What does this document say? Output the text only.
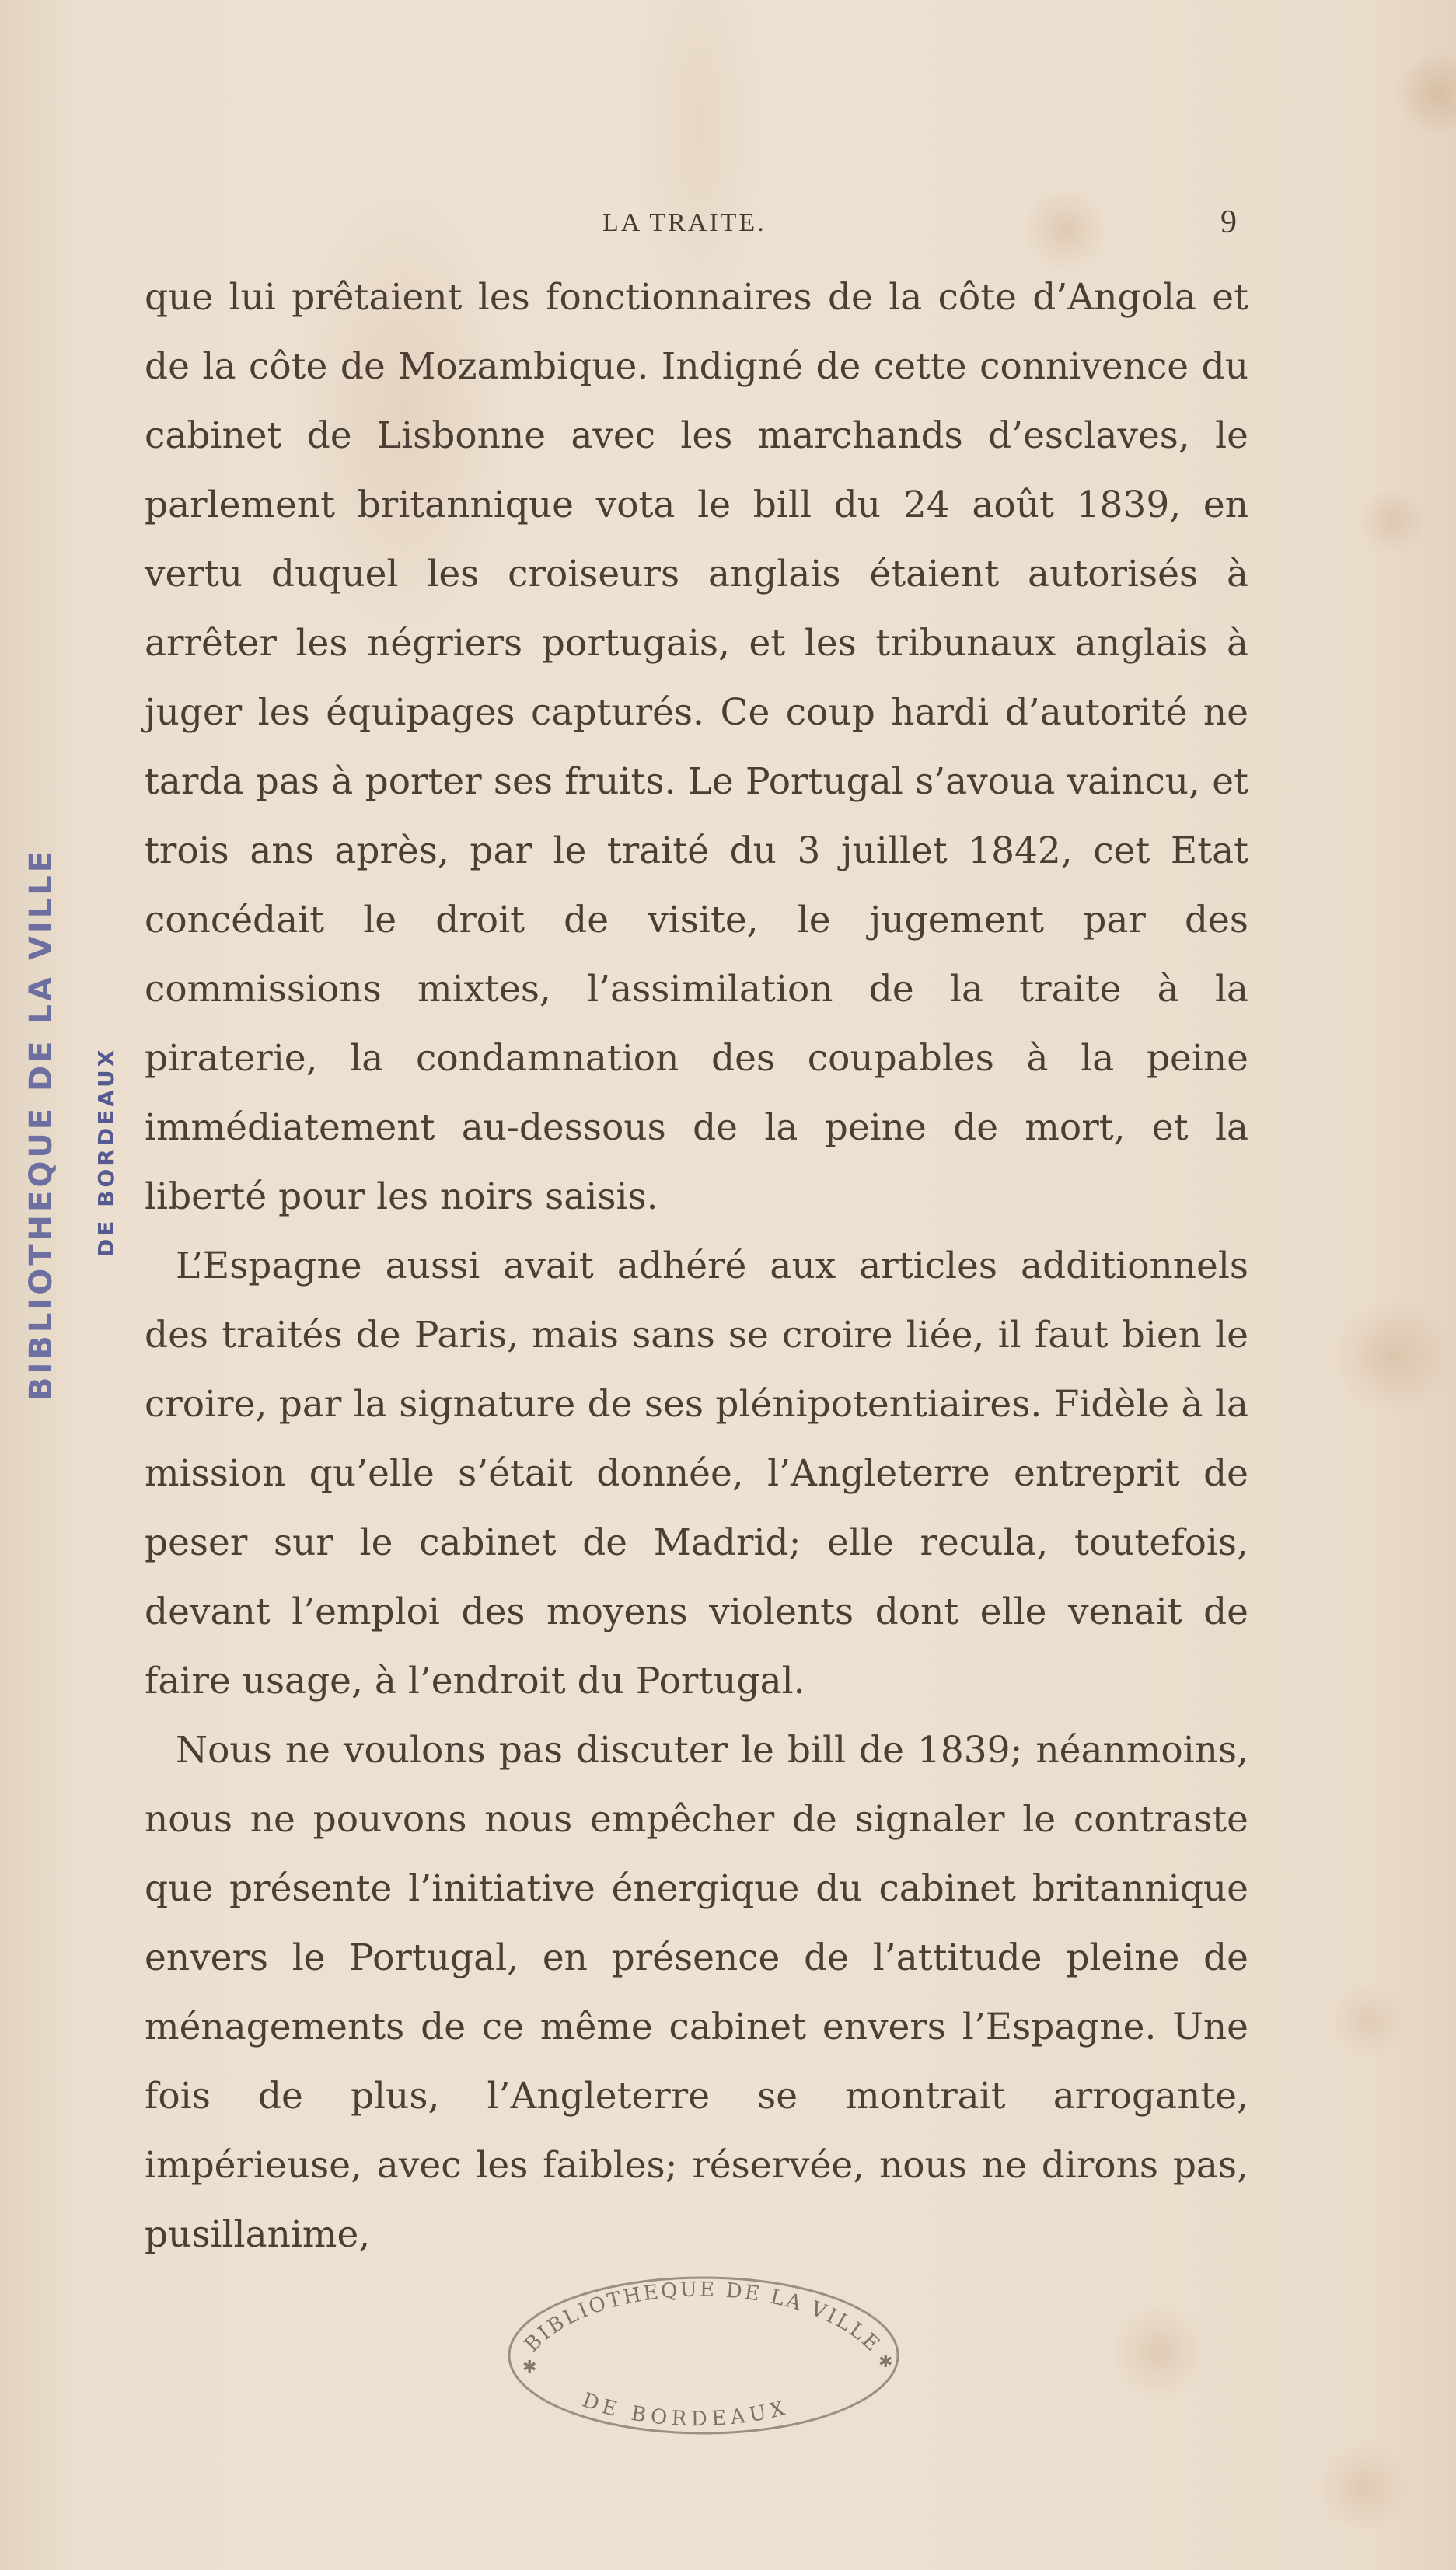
LA TRAITE.	9

que lui prêtaient les fonctionnaires de la côte d’Angola et de la côte de Mozambique. Indigné de cette connivence du cabinet de Lisbonne avec les marchands d’esclaves, le parlement britannique vota le bill du 24 août 1839, en vertu duquel les croiseurs anglais étaient autorisés à arrêter les négriers portugais, et les tribunaux anglais à juger les équipages capturés. Ce coup hardi d’autorité ne tarda pas à porter ses fruits. Le Portugal s’avoua vaincu, et trois ans après, par le traité du 3 juillet 1842, cet Etat concédait le droit de visite, le jugement par des commissions mixtes, l’assimilation de la traite à la piraterie, la condamnation des coupables à la peine immédiatement au-dessous de la peine de mort, et la liberté pour les noirs saisis.

L’Espagne aussi avait adhéré aux articles additionnels des traités de Paris, mais sans se croire liée, il faut bien le croire, par la signature de ses plénipotentiaires. Fidèle à la mission qu’elle s’était donnée, l’Angleterre entreprit de peser sur le cabinet de Madrid; elle recula, toutefois, devant l’emploi des moyens violents dont elle venait de faire usage, à l’endroit du Portugal.

Nous ne voulons pas discuter le bill de 1839; néanmoins, nous ne pouvons nous empêcher de signaler le contraste que présente l’initiative énergique du cabinet britannique envers le Portugal, en présence de l’attitude pleine de ménagements de ce même cabinet envers l’Espagne. Une fois de plus, l’Angleterre se montrait arrogante, impérieuse, avec les faibles; réservée, nous ne dirons pas, pusillanime,

BIBLIOTHEQUE DE LA VILLE DE BORDEAUX
BIBLIOTHEQUE DE LA VILLE
DE BORDEAUX
✱	✱
